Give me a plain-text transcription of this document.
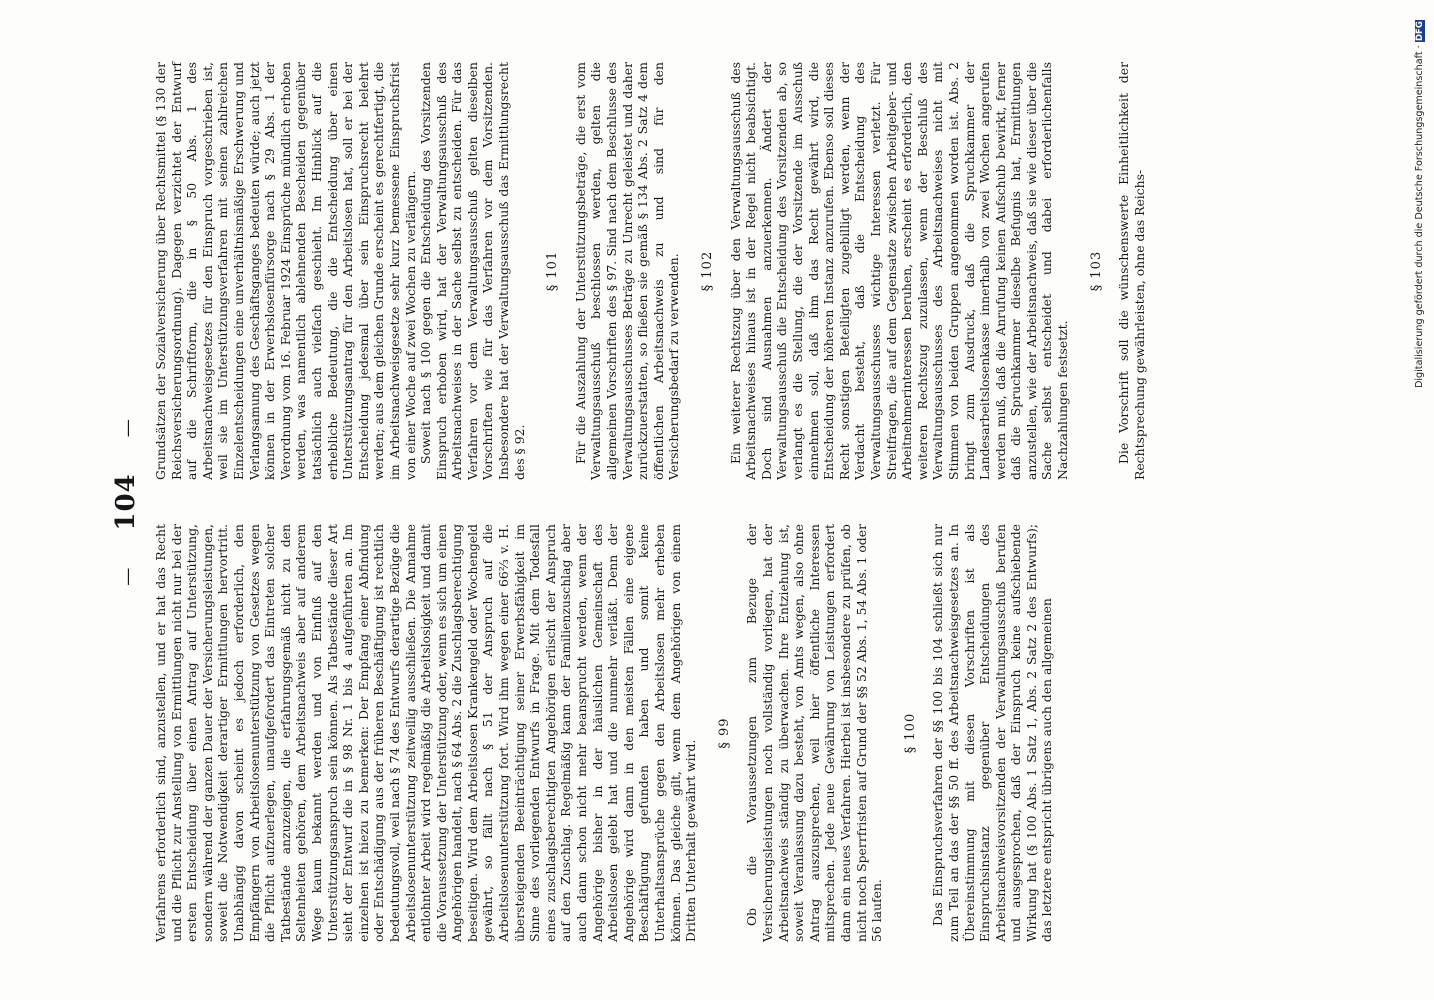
— 104 —

Verfahrens erforderlich sind, anzustellen, und er hat das Recht und die Pflicht zur Anstellung von Ermittlungen nicht nur bei der ersten Entscheidung über einen Antrag auf Unterstützung, sondern während der ganzen Dauer der Versicherungsleistungen, soweit die Notwendigkeit derartiger Ermittlungen hervortritt. Unabhängig davon scheint es jedoch erforderlich, den Empfängern von Arbeitslosenunterstützung von Gesetzes wegen die Pflicht aufzuerlegen, unaufgefordert das Eintreten solcher Tatbestände anzuzeigen, die erfahrungsgemäß nicht zu den Seltenheiten gehören, dem Arbeitsnachweis aber auf anderem Wege kaum bekannt werden und von Einfluß auf den Unterstützungsanspruch sein können. Als Tatbestände dieser Art sieht der Entwurf die in § 98 Nr. 1 bis 4 aufgeführten an. Im einzelnen ist hiezu zu bemerken: Der Empfang einer Abfindung oder Entschädigung aus der früheren Beschäftigung ist rechtlich bedeutungsvoll, weil nach § 74 des Entwurfs derartige Bezüge die Arbeitslosenunterstützung zeitweilig ausschließen. Die Annahme entlohnter Arbeit wird regelmäßig die Arbeitslosigkeit und damit die Voraussetzung der Unterstützung oder, wenn es sich um einen Angehörigen handelt, nach § 64 Abs. 2 die Zuschlagsberechtigung beseitigen. Wird dem Arbeitslosen Krankengeld oder Wochengeld gewährt, so fällt nach § 51 der Anspruch auf die Arbeitslosenunterstützung fort. Wird ihm wegen einer 66⅔ v. H. übersteigenden Beeinträchtigung seiner Erwerbsfähigkeit im Sinne des vorliegenden Entwurfs in Frage. Mit dem Todesfall eines zuschlagsberechtigten Angehörigen erlischt der Anspruch auf den Zuschlag. Regelmäßig kann der Familienzuschlag aber auch dann schon nicht mehr beansprucht werden, wenn der Angehörige bisher in der häuslichen Gemeinschaft des Arbeitslosen gelebt hat und die nunmehr verläßt. Denn der Angehörige wird dann in den meisten Fällen eine eigene Beschäftigung gefunden haben und somit keine Unterhaltsansprüche gegen den Arbeitslosen mehr erheben können. Das gleiche gilt, wenn dem Angehörigen von einem Dritten Unterhalt gewährt wird.

§ 99 Ob die Voraussetzungen zum Bezuge der Versicherungsleistungen noch vollständig vorliegen, hat der Arbeitsnachweis ständig zu überwachen. Ihre Entziehung ist, soweit Veranlassung dazu besteht, von Amts wegen, also ohne Antrag auszusprechen, weil hier öffentliche Interessen mitsprechen. Jede neue Gewährung von Leistungen erfordert dann ein neues Verfahren. Hierbei ist insbesondere zu prüfen, ob nicht noch Sperrfristen auf Grund der §§ 52 Abs. 1, 54 Abs. 1 oder 56 laufen.

§ 100 Das Einspruchsverfahren der §§ 100 bis 104 schließt sich nur zum Teil an das der §§ 50 ff. des Arbeitsnachweisgesetzes an. In Übereinstimmung mit diesen Vorschriften ist als Einspruchsinstanz gegenüber Entscheidungen des Arbeitsnachweisvorsitzenden der Verwaltungsausschuß berufen und ausgesprochen, daß der Einspruch keine aufschiebende Wirkung hat (§ 100 Abs. 1 Satz 1, Abs. 2 Satz 2 des Entwurfs); das letztere entspricht übrigens auch den allgemeinen

Grundsätzen der Sozialversicherung über Rechtsmittel (§ 130 der Reichsversicherungsordnung). Dagegen verzichtet der Entwurf auf die Schriftform, die in § 50 Abs. 1 des Arbeitsnachweisgesetzes für den Einspruch vorgeschrieben ist, weil sie im Unterstützungsverfahren mit seinen zahlreichen Einzelentscheidungen eine unverhältnismäßige Erschwerung und Verlangsamung des Geschäftsganges bedeuten würde; auch jetzt können in der Erwerbslosenfürsorge nach § 29 Abs. 1 der Verordnung vom 16. Februar 1924 Einsprüche mündlich erhoben werden, was namentlich ablehnenden Bescheiden gegenüber tatsächlich auch vielfach geschieht. Im Hinblick auf die erhebliche Bedeutung, die die Entscheidung über einen Unterstützungsantrag für den Arbeitslosen hat, soll er bei der Entscheidung jedesmal über sein Einspruchsrecht belehrt werden; aus dem gleichen Grunde erscheint es gerechtfertigt, die im Arbeitsnachweisgesetze sehr kurz bemessene Einspruchsfrist von einer Woche auf zwei Wochen zu verlängern. Soweit nach § 100 gegen die Entscheidung des Vorsitzenden Einspruch erhoben wird, hat der Verwaltungsausschuß des Arbeitsnachweises in der Sache selbst zu entscheiden. Für das Verfahren vor dem Verwaltungsausschuß gelten dieselben Vorschriften wie für das Verfahren vor dem Vorsitzenden. Insbesondere hat der Verwaltungsausschuß das Ermittlungsrecht des § 92.

§ 101 Für die Auszahlung der Unterstützungsbeträge, die erst vom Verwaltungsausschuß beschlossen werden, gelten die allgemeinen Vorschriften des § 97. Sind nach dem Beschlusse des Verwaltungsausschusses Beträge zu Unrecht geleistet und daher zurückzuerstatten, so fließen sie gemäß § 134 Abs. 2 Satz 4 dem öffentlichen Arbeitsnachweis zu und sind für den Versicherungsbedarf zu verwenden. § 102 Ein weiterer Rechtszug über den Verwaltungsausschuß des Arbeitsnachweises hinaus ist in der Regel nicht beabsichtigt. Doch sind Ausnahmen anzuerkennen. Ändert der Verwaltungsausschuß die Entscheidung des Vorsitzenden ab, so verlangt es die Stellung, die der Vorsitzende im Ausschuß einnehmen soll, daß ihm das Recht gewährt wird, die Entscheidung der höheren Instanz anzurufen. Ebenso soll dieses Recht sonstigen Beteiligten zugebilligt werden, wenn der Verdacht besteht, daß die Entscheidung des Verwaltungsausschusses wichtige Interessen verletzt. Für Streitfragen, die auf dem Gegensatze zwischen Arbeitgeber- und Arbeitnehmerinteressen beruhen, erscheint es erforderlich, den weiteren Rechtszug zuzulassen, wenn der Beschluß des Verwaltungsausschusses des Arbeitsnachweises nicht mit Stimmen von beiden Gruppen angenommen worden ist. Abs. 2 bringt zum Ausdruck, daß die Spruchkammer der Landesarbeitslosenkasse innerhalb von zwei Wochen angerufen werden muß, daß die Anrufung keinen Aufschub bewirkt, ferner daß die Spruchkammer dieselbe Befugnis hat, Ermittlungen anzustellen, wie der Arbeitsnachweis, daß sie wie dieser über die Sache selbst entscheidet und dabei erforderlichenfalls Nachzahlungen festsetzt.

§ 103 Die Vorschrift soll die wünschenswerte Einheitlichkeit der Rechtsprechung gewährleisten, ohne das Reichs-	Digitalisierung gefördert durch die Deutsche Forschungsgemeinschaft · DFG
